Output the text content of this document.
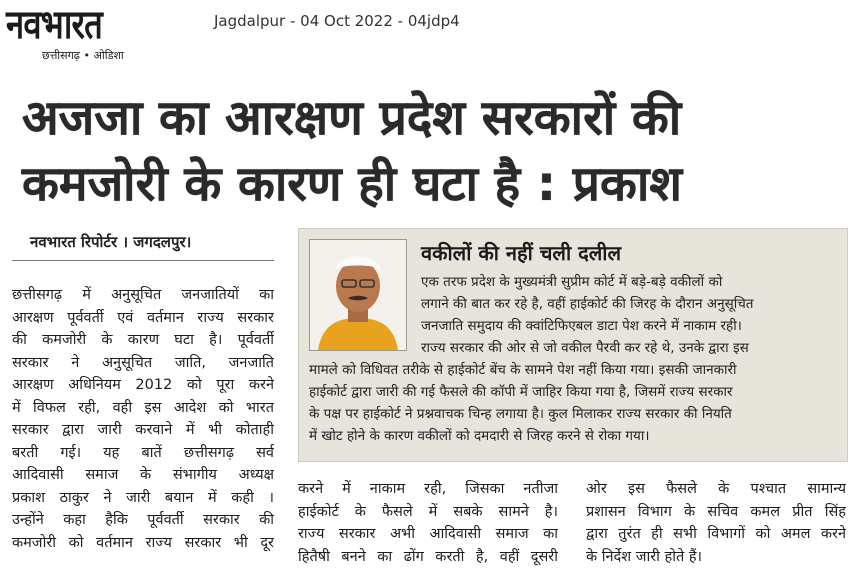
नवभारत
छत्तीसगढ़ • ओडिशा
Jagdalpur - 04 Oct 2022 - 04jdp4
अजजा का आरक्षण प्रदेश सरकारों की
कमजोरी के कारण ही घटा है : प्रकाश
नवभारत रिपोर्टर । जगदलपुर।
छत्तीसगढ़ में अनुसूचित जनजातियों का
आरक्षण पूर्ववर्ती एवं वर्तमान राज्य सरकार
की कमजोरी के कारण घटा है। पूर्ववर्ती
सरकार ने अनुसूचित जाति, जनजाति
आरक्षण अधिनियम 2012 को पूरा करने
में विफल रही, वही इस आदेश को भारत
सरकार द्वारा जारी करवाने में भी कोताही
बरती गई। यह बातें छत्तीसगढ़ सर्व
आदिवासी समाज के संभागीय अध्यक्ष
प्रकाश ठाकुर ने जारी बयान में कही ।
उन्होंने कहा हैकि पूर्ववर्ती सरकार की
कमजोरी को वर्तमान राज्य सरकार भी दूर
वकीलों की नहीं चली दलील
एक तरफ प्रदेश के मुख्यमंत्री सुप्रीम कोर्ट में बड़े-बड़े वकीलों को
लगाने की बात कर रहे है, वहीं हाईकोर्ट की जिरह के दौरान अनुसूचित
जनजाति समुदाय की क्वांटिफिएबल डाटा पेश करने में नाकाम रही।
राज्य सरकार की ओर से जो वकील पैरवी कर रहे थे, उनके द्वारा इस
मामले को विधिवत तरीके से हाईकोर्ट बेंच के सामने पेश नहीं किया गया। इसकी जानकारी
हाईकोर्ट द्वारा जारी की गई फैसले की कॉपी में जाहिर किया गया है, जिसमें राज्य सरकार
के पक्ष पर हाईकोर्ट ने प्रश्नवाचक चिन्ह लगाया है। कुल मिलाकर राज्य सरकार की नियति
में खोट होने के कारण वकीलों को दमदारी से जिरह करने से रोका गया।
करने में नाकाम रही, जिसका नतीजा
हाईकोर्ट के फैसले में सबके सामने है।
राज्य सरकार अभी आदिवासी समाज का
हितैषी बनने का ढोंग करती है, वहीं दूसरी
ओर इस फैसले के पश्चात सामान्य
प्रशासन विभाग के सचिव कमल प्रीत सिंह
द्वारा तुरंत ही सभी विभागों को अमल करने
के निर्देश जारी होते हैं।
